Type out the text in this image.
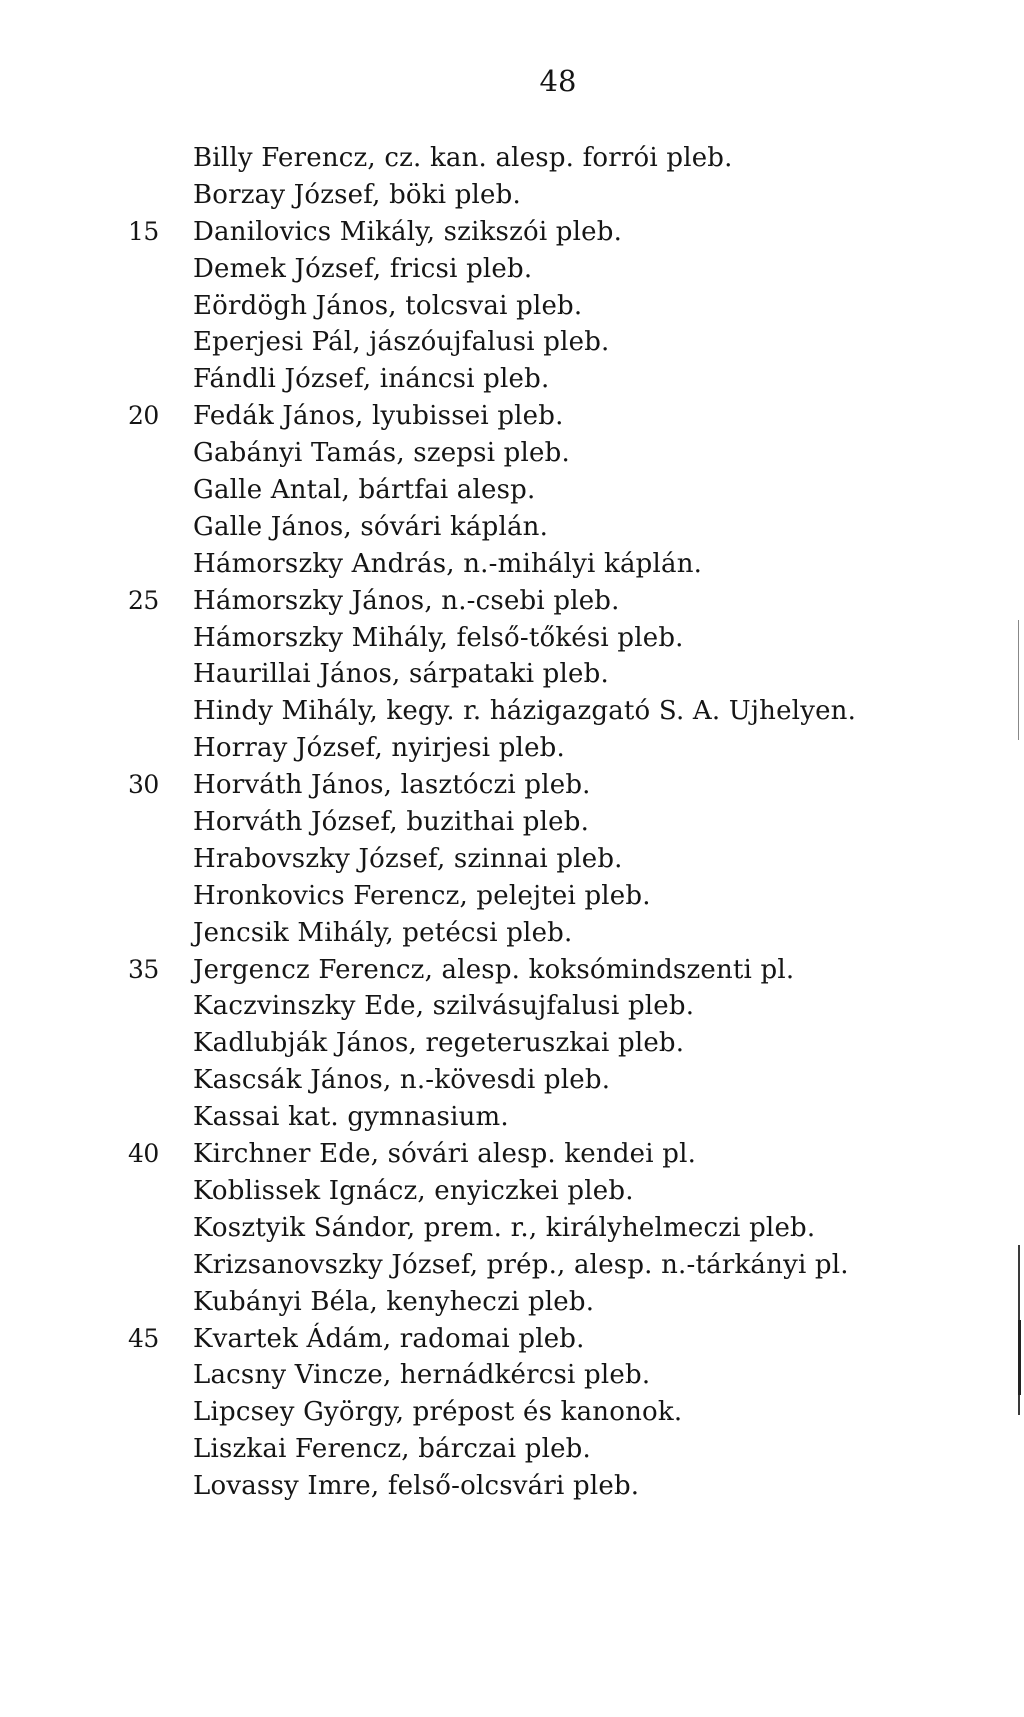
48
Billy Ferencz, cz. kan. alesp. forrói pleb.
Borzay József, böki pleb.
15	Danilovics Mikály, szikszói pleb.
Demek József, fricsi pleb.
Eördögh János, tolcsvai pleb.
Eperjesi Pál, jászóujfalusi pleb.
Fándli József, ináncsi pleb.
20	Fedák János, lyubissei pleb.
Gabányi Tamás, szepsi pleb.
Galle Antal, bártfai alesp.
Galle János, sóvári káplán.
Hámorszky András, n.-mihályi káplán.
25	Hámorszky János, n.-csebi pleb.
Hámorszky Mihály, felső-tőkési pleb.
Haurillai János, sárpataki pleb.
Hindy Mihály, kegy. r. házigazgató S. A. Ujhelyen.
Horray József, nyirjesi pleb.
30	Horváth János, lasztóczi pleb.
Horváth József, buzithai pleb.
Hrabovszky József, szinnai pleb.
Hronkovics Ferencz, pelejtei pleb.
Jencsik Mihály, petécsi pleb.
35	Jergencz Ferencz, alesp. koksómindszenti pl.
Kaczvinszky Ede, szilvásujfalusi pleb.
Kadlubják János, regeteruszkai pleb.
Kascsák János, n.-kövesdi pleb.
Kassai kat. gymnasium.
40	Kirchner Ede, sóvári alesp. kendei pl.
Koblissek Ignácz, enyiczkei pleb.
Kosztyik Sándor, prem. r., királyhelmeczi pleb.
Krizsanovszky József, prép., alesp. n.-tárkányi pl.
Kubányi Béla, kenyheczi pleb.
45	Kvartek Ádám, radomai pleb.
Lacsny Vincze, hernádkércsi pleb.
Lipcsey György, prépost és kanonok.
Liszkai Ferencz, bárczai pleb.
Lovassy Imre, felső-olcsvári pleb.
